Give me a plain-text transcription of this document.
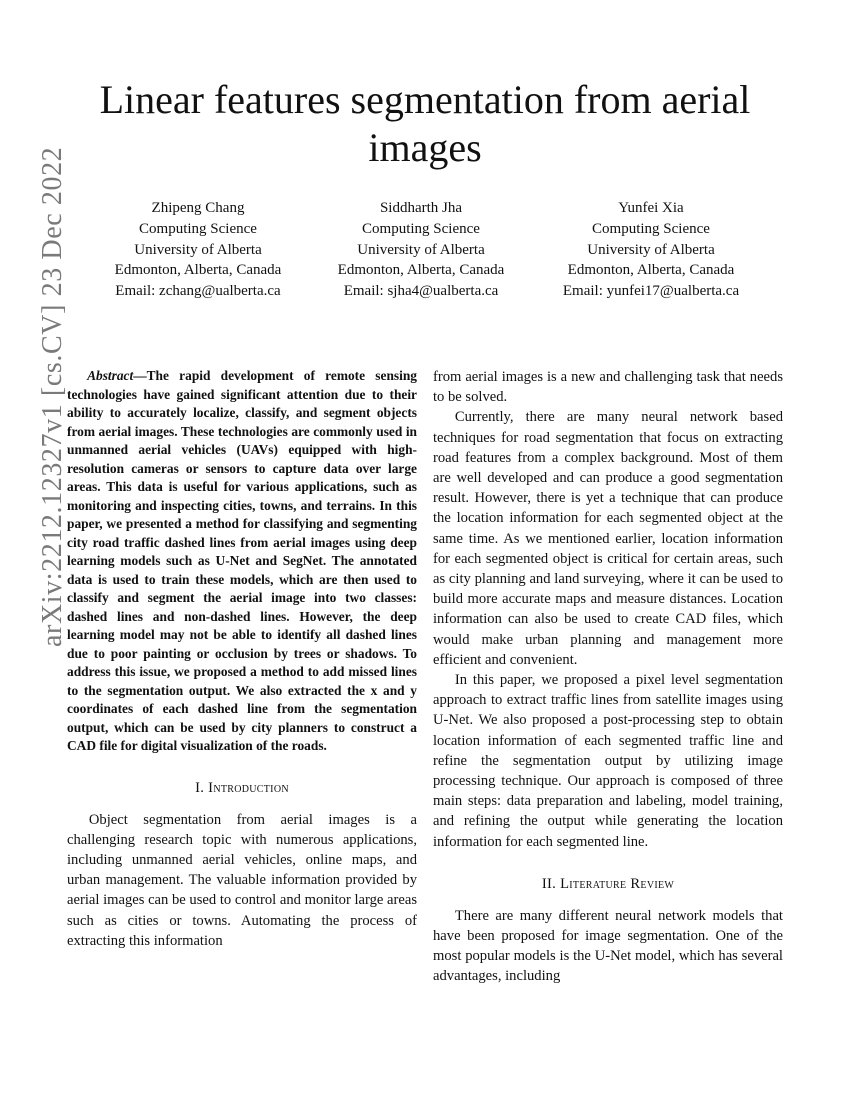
arXiv:2212.12327v1 [cs.CV] 23 Dec 2022
Linear features segmentation from aerial images
Zhipeng Chang
Computing Science
University of Alberta
Edmonton, Alberta, Canada
Email: zchang@ualberta.ca
Siddharth Jha
Computing Science
University of Alberta
Edmonton, Alberta, Canada
Email: sjha4@ualberta.ca
Yunfei Xia
Computing Science
University of Alberta
Edmonton, Alberta, Canada
Email: yunfei17@ualberta.ca

Abstract—The rapid development of remote sensing technologies have gained significant attention due to their ability to accurately localize, classify, and segment objects from aerial images. These technologies are commonly used in unmanned aerial vehicles (UAVs) equipped with high-resolution cameras or sensors to capture data over large areas. This data is useful for various applications, such as monitoring and inspecting cities, towns, and terrains. In this paper, we presented a method for classifying and segmenting city road traffic dashed lines from aerial images using deep learning models such as U-Net and SegNet. The annotated data is used to train these models, which are then used to classify and segment the aerial image into two classes: dashed lines and non-dashed lines. However, the deep learning model may not be able to identify all dashed lines due to poor painting or occlusion by trees or shadows. To address this issue, we proposed a method to add missed lines to the segmentation output. We also extracted the x and y coordinates of each dashed line from the segmentation output, which can be used by city planners to construct a CAD file for digital visualization of the roads.

I. Introduction

Object segmentation from aerial images is a challenging research topic with numerous applications, including unmanned aerial vehicles, online maps, and urban management. The valuable information provided by aerial images can be used to control and monitor large areas such as cities or towns. Automating the process of extracting this information

from aerial images is a new and challenging task that needs to be solved.

Currently, there are many neural network based techniques for road segmentation that focus on extracting road features from a complex background. Most of them are well developed and can produce a good segmentation result. However, there is yet a technique that can produce the location information for each segmented object at the same time. As we mentioned earlier, location information for each segmented object is critical for certain areas, such as city planning and land surveying, where it can be used to build more accurate maps and measure distances. Location information can also be used to create CAD files, which would make urban planning and management more efficient and convenient.

In this paper, we proposed a pixel level segmentation approach to extract traffic lines from satellite images using U-Net. We also proposed a post-processing step to obtain location information of each segmented traffic line and refine the segmentation output by utilizing image processing technique. Our approach is composed of three main steps: data preparation and labeling, model training, and refining the output while generating the location information for each segmented line.

II. Literature Review

There are many different neural network models that have been proposed for image segmentation. One of the most popular models is the U-Net model, which has several advantages, including
